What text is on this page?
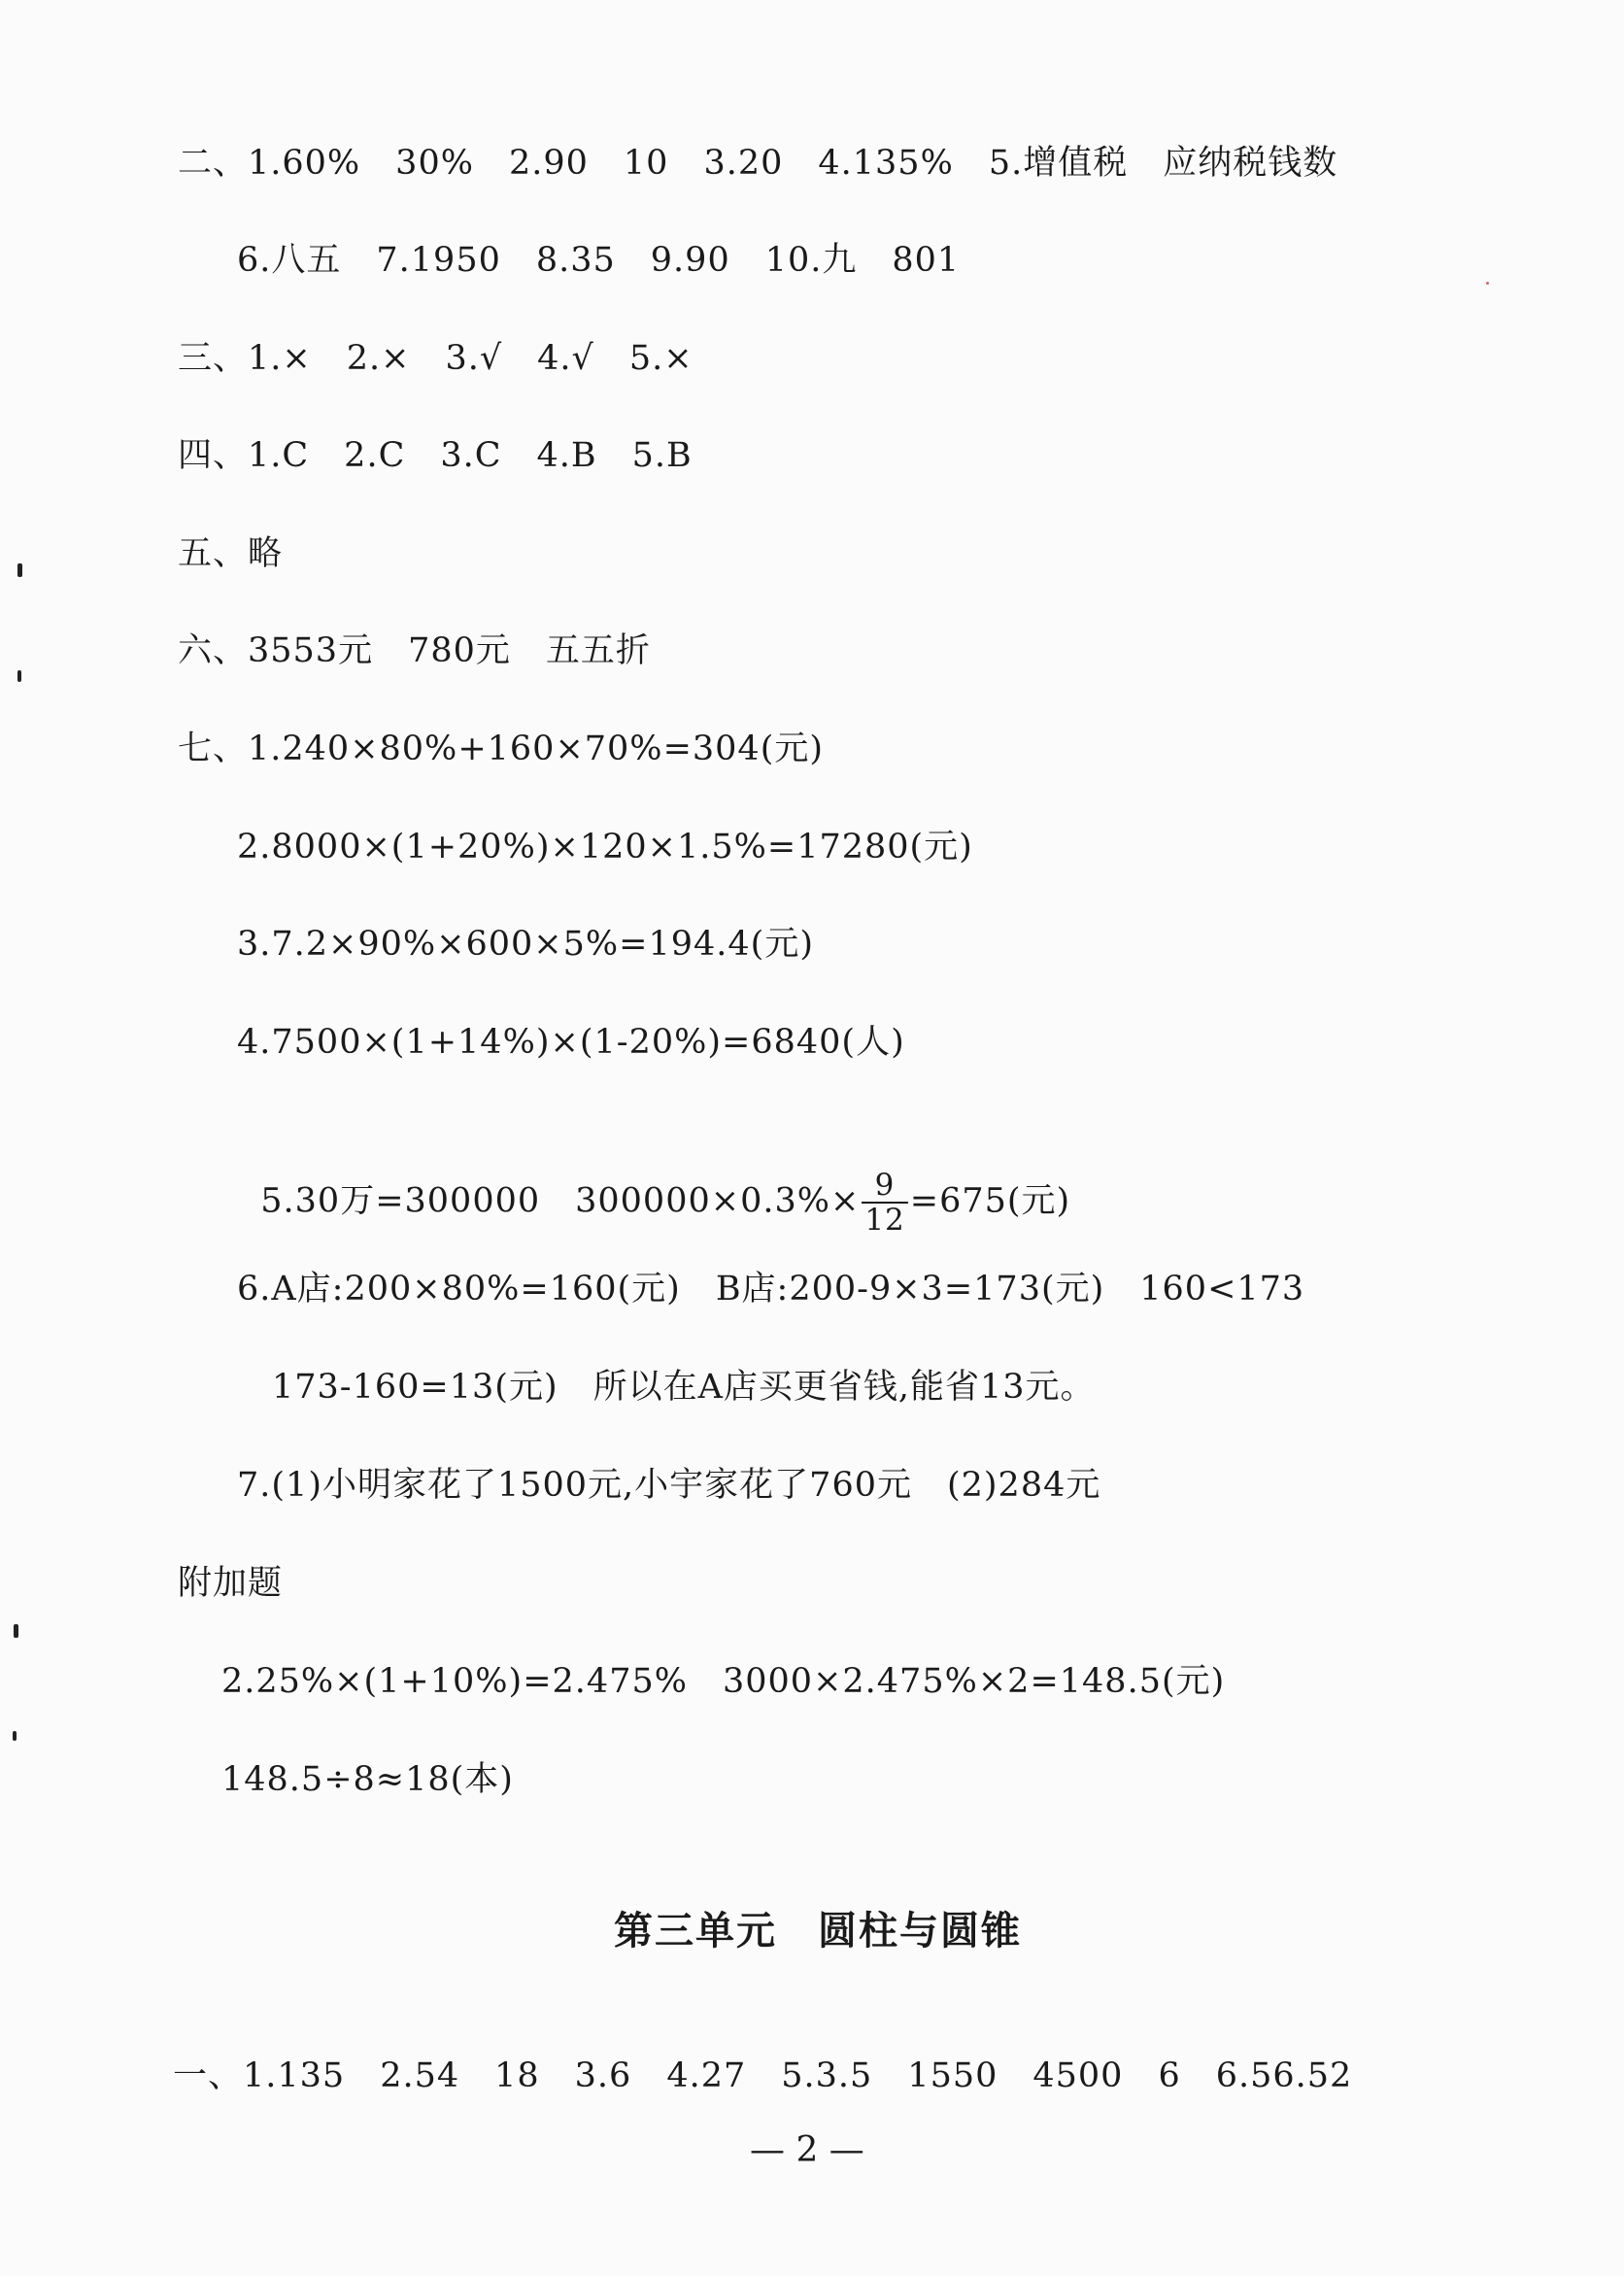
二、1.60%　30%　2.90　10　3.20　4.135%　5.增值税　应纳税钱数
6.八五　7.1950　8.35　9.90　10.九　801
三、1.×　2.×　3.√　4.√　5.×
四、1.C　2.C　3.C　4.B　5.B
五、略
六、3553元　780元　五五折
七、1.240×80%+160×70%=304(元)
2.8000×(1+20%)×120×1.5%=17280(元)
3.7.2×90%×600×5%=194.4(元)
4.7500×(1+14%)×(1-20%)=6840(人)

5.30万=300000　$300000\times 0.3\%\times \frac{9}{12} =675$(元)

6.A店:200×80%=160(元)　B店:200-9×3=173(元)　160<173
173-160=13(元)　所以在A店买更省钱,能省13元。
7.(1)小明家花了1500元,小宇家花了760元　(2)284元
附加题
2.25%×(1+10%)=2.475%　3000×2.475%×2=148.5(元)
148.5÷8≈18(本)
第三单元　圆柱与圆锥
一、1.135　2.54　18　3.6　4.27　5.3.5　1550　4500　6　6.56.52
— 2 —
